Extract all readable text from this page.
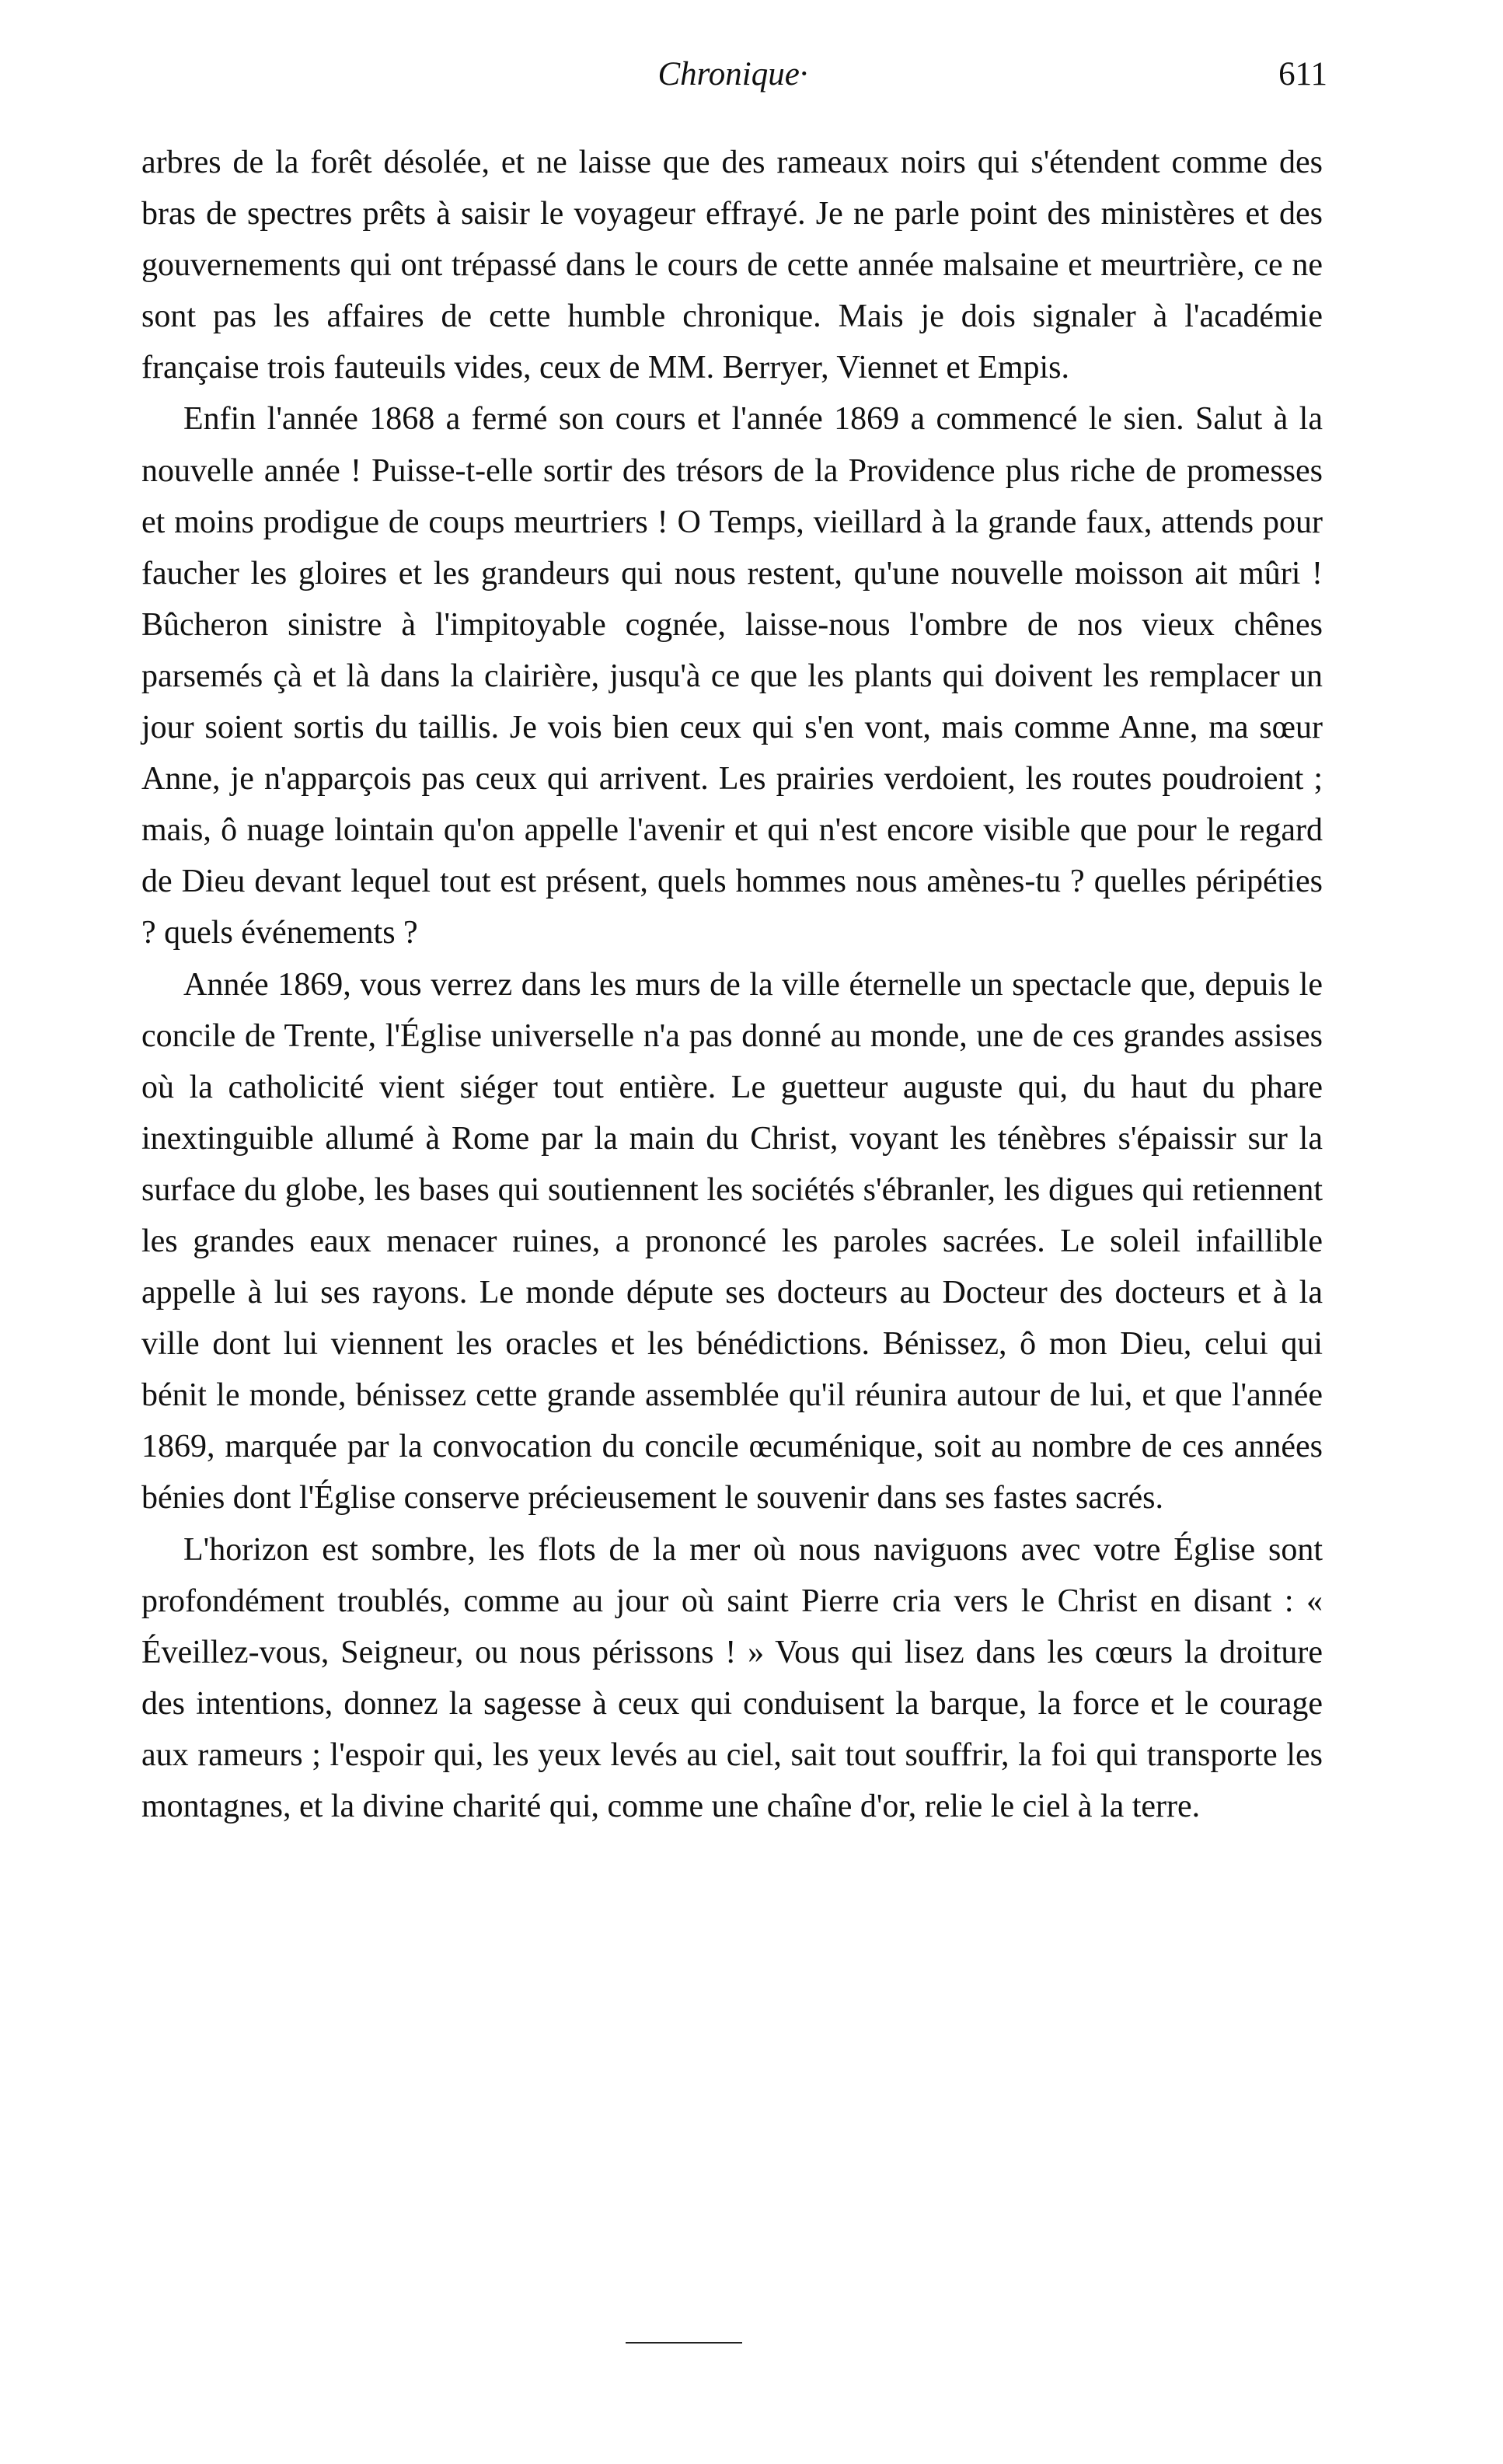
Chronique·	611

arbres de la forêt désolée, et ne laisse que des rameaux noirs qui s'étendent comme des bras de spectres prêts à saisir le voyageur effrayé. Je ne parle point des ministères et des gouvernements qui ont trépassé dans le cours de cette année malsaine et meurtrière, ce ne sont pas les affaires de cette humble chronique. Mais je dois signaler à l'académie française trois fauteuils vides, ceux de MM. Berryer, Viennet et Empis.

Enfin l'année 1868 a fermé son cours et l'année 1869 a commencé le sien. Salut à la nouvelle année ! Puisse-t-elle sortir des trésors de la Providence plus riche de promesses et moins prodigue de coups meurtriers ! O Temps, vieillard à la grande faux, attends pour faucher les gloires et les grandeurs qui nous restent, qu'une nouvelle moisson ait mûri ! Bûcheron sinistre à l'impitoyable cognée, laisse-nous l'ombre de nos vieux chênes parsemés çà et là dans la clairière, jusqu'à ce que les plants qui doivent les remplacer un jour soient sortis du taillis. Je vois bien ceux qui s'en vont, mais comme Anne, ma sœur Anne, je n'apparçois pas ceux qui arrivent. Les prairies verdoient, les routes poudroient ; mais, ô nuage lointain qu'on appelle l'avenir et qui n'est encore visible que pour le regard de Dieu devant lequel tout est présent, quels hommes nous amènes-tu ? quelles péripéties ? quels événements ?

Année 1869, vous verrez dans les murs de la ville éternelle un spectacle que, depuis le concile de Trente, l'Église universelle n'a pas donné au monde, une de ces grandes assises où la catholicité vient siéger tout entière. Le guetteur auguste qui, du haut du phare inextinguible allumé à Rome par la main du Christ, voyant les ténèbres s'épaissir sur la surface du globe, les bases qui soutiennent les sociétés s'ébranler, les digues qui retiennent les grandes eaux menacer ruines, a prononcé les paroles sacrées. Le soleil infaillible appelle à lui ses rayons. Le monde députe ses docteurs au Docteur des docteurs et à la ville dont lui viennent les oracles et les bénédictions. Bénissez, ô mon Dieu, celui qui bénit le monde, bénissez cette grande assemblée qu'il réunira autour de lui, et que l'année 1869, marquée par la convocation du concile œcuménique, soit au nombre de ces années bénies dont l'Église conserve précieusement le souvenir dans ses fastes sacrés.

L'horizon est sombre, les flots de la mer où nous naviguons avec votre Église sont profondément troublés, comme au jour où saint Pierre cria vers le Christ en disant : « Éveillez-vous, Seigneur, ou nous périssons ! » Vous qui lisez dans les cœurs la droiture des intentions, donnez la sagesse à ceux qui conduisent la barque, la force et le courage aux rameurs ; l'espoir qui, les yeux levés au ciel, sait tout souffrir, la foi qui transporte les montagnes, et la divine charité qui, comme une chaîne d'or, relie le ciel à la terre.
